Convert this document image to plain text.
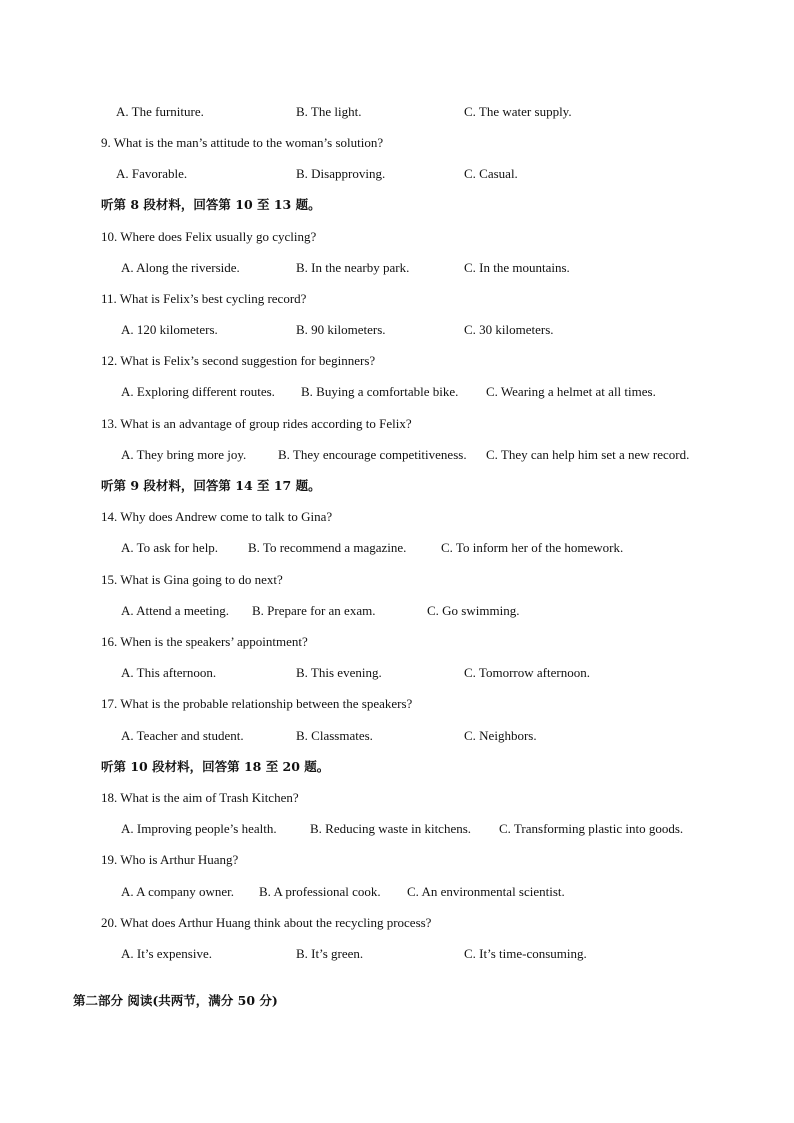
A. The furniture.	B. The light.	C. The water supply.
9. What is the man’s attitude to the woman’s solution?
A. Favorable.	B. Disapproving.	C. Casual.
听第 8 段材料，回答第 10 至 13 题。
10. Where does Felix usually go cycling?
A. Along the riverside.	B. In the nearby park.	C. In the mountains.
11. What is Felix’s best cycling record?
A. 120 kilometers.	B. 90 kilometers.	C. 30 kilometers.
12. What is Felix’s second suggestion for beginners?
A. Exploring different routes. B. Buying a comfortable bike. C. Wearing a helmet at all times.
13. What is an advantage of group rides according to Felix?
A. They bring more joy. B. They encourage competitiveness. C. They can help him set a new record.
听第 9 段材料，回答第 14 至 17 题。
14. Why does Andrew come to talk to Gina?
A. To ask for help. B. To recommend a magazine.	C. To inform her of the homework.
15. What is Gina going to do next?
A. Attend a meeting. B. Prepare for an exam.	C. Go swimming.
16. When is the speakers’ appointment?
A. This afternoon.	B. This evening.	C. Tomorrow afternoon.
17. What is the probable relationship between the speakers?
A. Teacher and student.	B. Classmates.	C. Neighbors.
听第 10 段材料，回答第 18 至 20 题。
18. What is the aim of Trash Kitchen?
A. Improving people’s health.	B. Reducing waste in kitchens. C. Transforming plastic into goods.
19. Who is Arthur Huang?
A. A company owner. B. A professional cook. C. An environmental scientist.
20. What does Arthur Huang think about the recycling process?
A. It’s expensive.	B. It’s green.	C. It’s time-consuming.
第二部分 阅读(共两节，满分 50 分)
